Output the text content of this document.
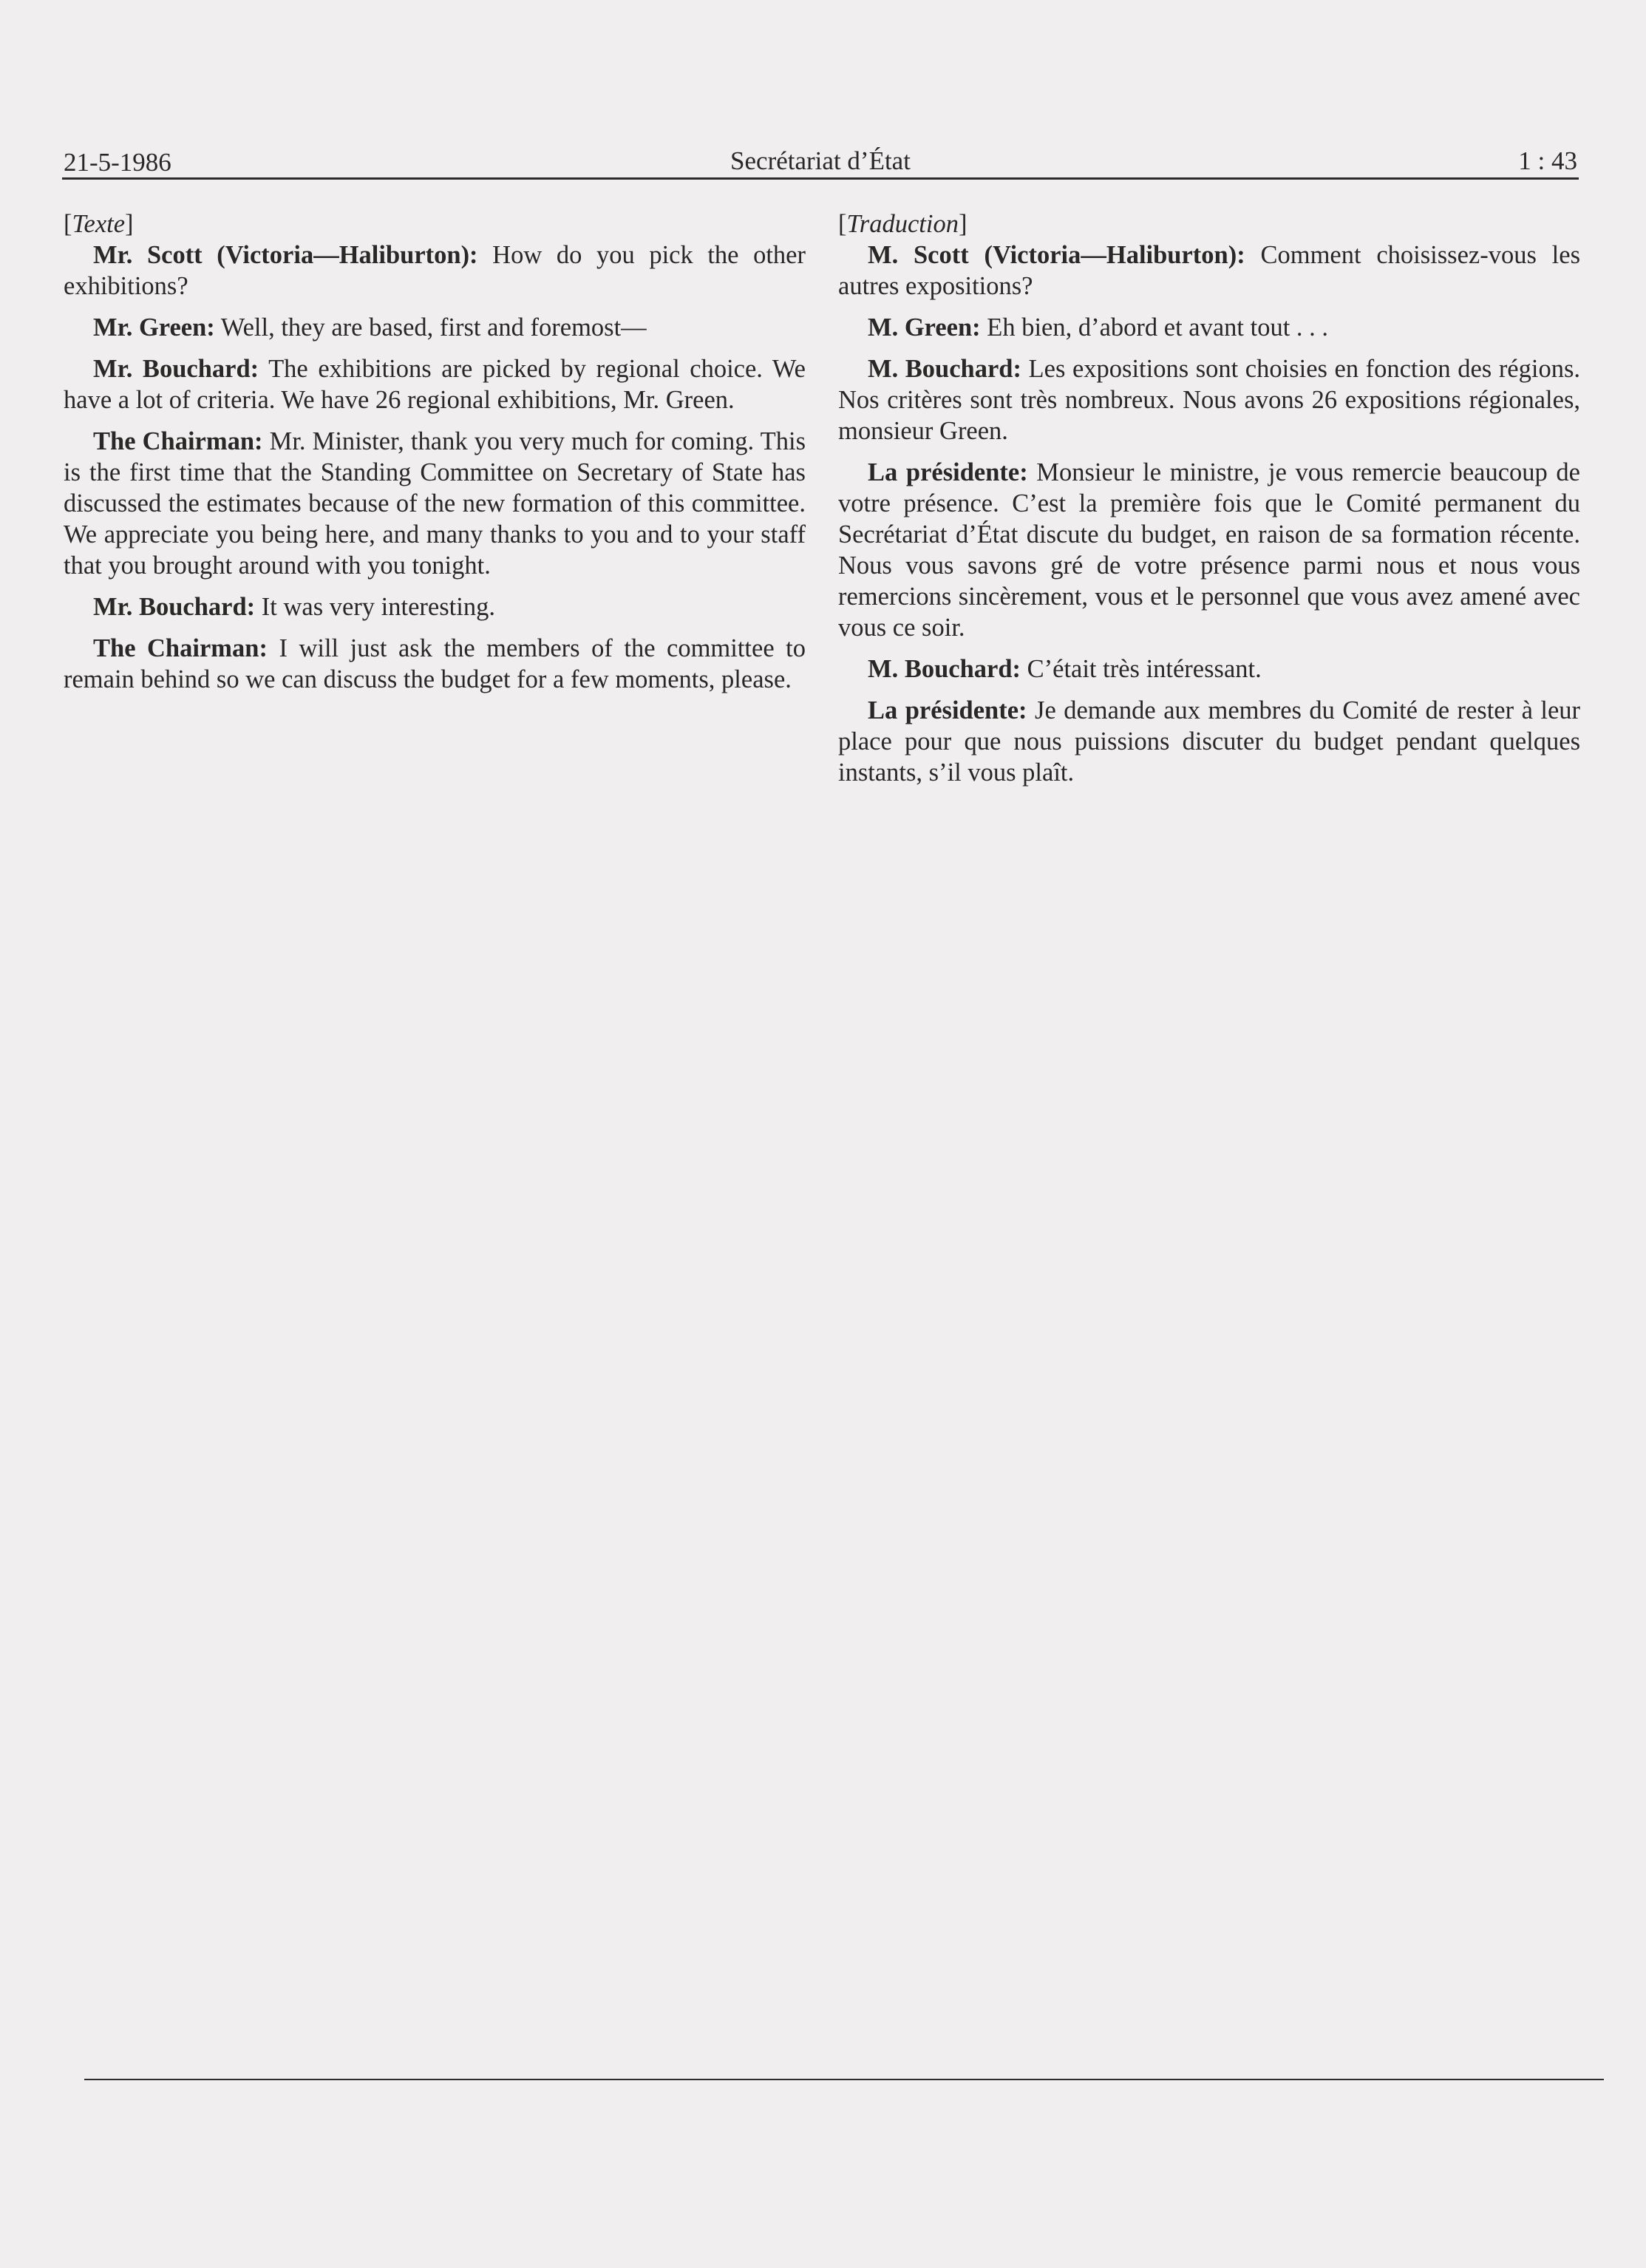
21-5-1986	Secrétariat d’État	1 : 43
[Texte]

Mr. Scott (Victoria—Haliburton): How do you pick the other exhibitions?

Mr. Green: Well, they are based, first and foremost—

Mr. Bouchard: The exhibitions are picked by regional choice. We have a lot of criteria. We have 26 regional exhibitions, Mr. Green.

The Chairman: Mr. Minister, thank you very much for coming. This is the first time that the Standing Committee on Secretary of State has discussed the estimates because of the new formation of this committee. We appreciate you being here, and many thanks to you and to your staff that you brought around with you tonight.

Mr. Bouchard: It was very interesting.

The Chairman: I will just ask the members of the committee to remain behind so we can discuss the budget for a few moments, please.

[Traduction]

M. Scott (Victoria—Haliburton): Comment choisissez-vous les autres expositions?

M. Green: Eh bien, d’abord et avant tout . . .

M. Bouchard: Les expositions sont choisies en fonction des régions. Nos critères sont très nombreux. Nous avons 26 expositions régionales, monsieur Green.

La présidente: Monsieur le ministre, je vous remercie beaucoup de votre présence. C’est la première fois que le Comité permanent du Secrétariat d’État discute du budget, en raison de sa formation récente. Nous vous savons gré de votre présence parmi nous et nous vous remercions sincèrement, vous et le personnel que vous avez amené avec vous ce soir.

M. Bouchard: C’était très intéressant.

La présidente: Je demande aux membres du Comité de rester à leur place pour que nous puissions discuter du budget pendant quelques instants, s’il vous plaît.
